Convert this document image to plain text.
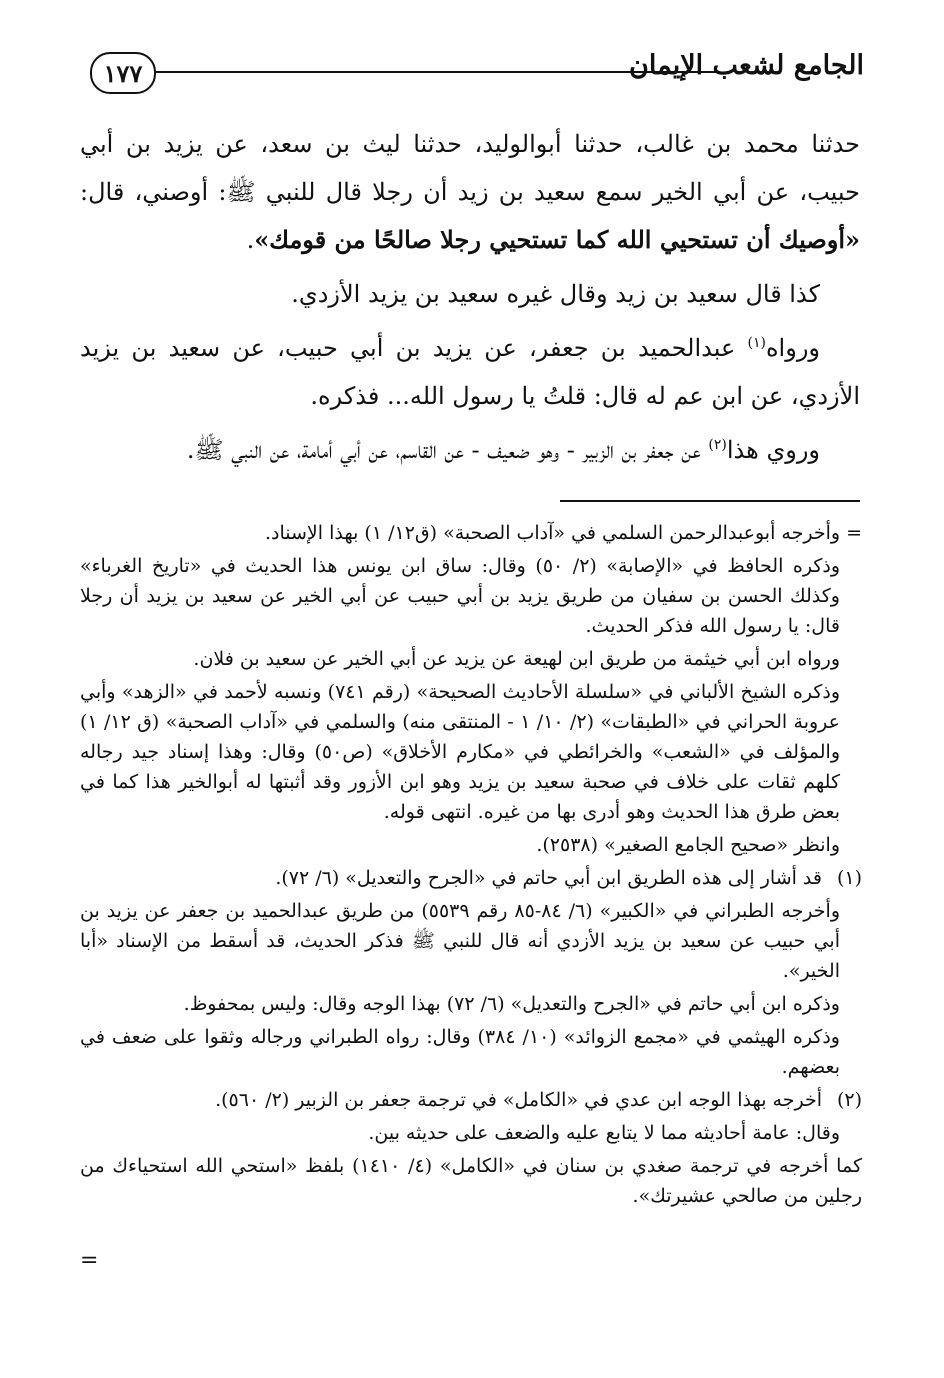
١٧٧	الجامع لشعب الإيمان

حدثنا محمد بن غالب، حدثنا أبوالوليد، حدثنا ليث بن سعد، عن يزيد بن أبي حبيب، عن أبي الخير سمع سعيد بن زيد أن رجلا قال للنبي ﷺ: أوصني، قال: «أوصيك أن تستحيي الله كما تستحيي رجلا صالحًا من قومك».

كذا قال سعيد بن زيد وقال غيره سعيد بن يزيد الأزدي.

ورواه$^{(١)}$ عبدالحميد بن جعفر، عن يزيد بن أبي حبيب، عن سعيد بن يزيد الأزدي، عن ابن عم له قال: قلتُ يا رسول الله... فذكره.

وروي هذا$^{(٢)}$ عن جعفر بن الزبير - وهو ضعيف - عن القاسم، عن أبي أمامة، عن النبي ﷺ.

= وأخرجه أبوعبدالرحمن السلمي في «آداب الصحبة» (ق١٢/ ١) بهذا الإسناد.

وذكره الحافظ في «الإصابة» (٢/ ٥٠) وقال: ساق ابن يونس هذا الحديث في «تاريخ الغرباء» وكذلك الحسن بن سفيان من طريق يزيد بن أبي حبيب عن أبي الخير عن سعيد بن يزيد أن رجلا قال: يا رسول الله فذكر الحديث.

ورواه ابن أبي خيثمة من طريق ابن لهيعة عن يزيد عن أبي الخير عن سعيد بن فلان.

وذكره الشيخ الألباني في «سلسلة الأحاديث الصحيحة» (رقم ٧٤١) ونسبه لأحمد في «الزهد» وأبي عروبة الحراني في «الطبقات» (٢/ ١٠/ ١ - المنتقى منه) والسلمي في «آداب الصحبة» (ق ١٢/ ١) والمؤلف في «الشعب» والخرائطي في «مكارم الأخلاق» (ص٥٠) وقال: وهذا إسناد جيد رجاله كلهم ثقات على خلاف في صحبة سعيد بن يزيد وهو ابن الأزور وقد أثبتها له أبوالخير هذا كما في بعض طرق هذا الحديث وهو أدرى بها من غيره. انتهى قوله.

وانظر «صحيح الجامع الصغير» (٢٥٣٨).

(١)
قد أشار إلى هذه الطريق ابن أبي حاتم في «الجرح والتعديل» (٦/ ٧٢).

وأخرجه الطبراني في «الكبير» (٦/ ٨٤-٨٥ رقم ٥٥٣٩) من طريق عبدالحميد بن جعفر عن يزيد بن أبي حبيب عن سعيد بن يزيد الأزدي أنه قال للنبي ﷺ فذكر الحديث، قد أسقط من الإسناد «أبا الخير».

وذكره ابن أبي حاتم في «الجرح والتعديل» (٦/ ٧٢) بهذا الوجه وقال: وليس بمحفوظ.

وذكره الهيثمي في «مجمع الزوائد» (١٠/ ٣٨٤) وقال: رواه الطبراني ورجاله وثقوا على ضعف في بعضهم.

(٢)
أخرجه بهذا الوجه ابن عدي في «الكامل» في ترجمة جعفر بن الزبير (٢/ ٥٦٠).

وقال: عامة أحاديثه مما لا يتابع عليه والضعف على حديثه بين.

كما أخرجه في ترجمة صغدي بن سنان في «الكامل» (٤/ ١٤١٠) بلفظ «استحي الله استحياءك من رجلين من صالحي عشيرتك».

=
